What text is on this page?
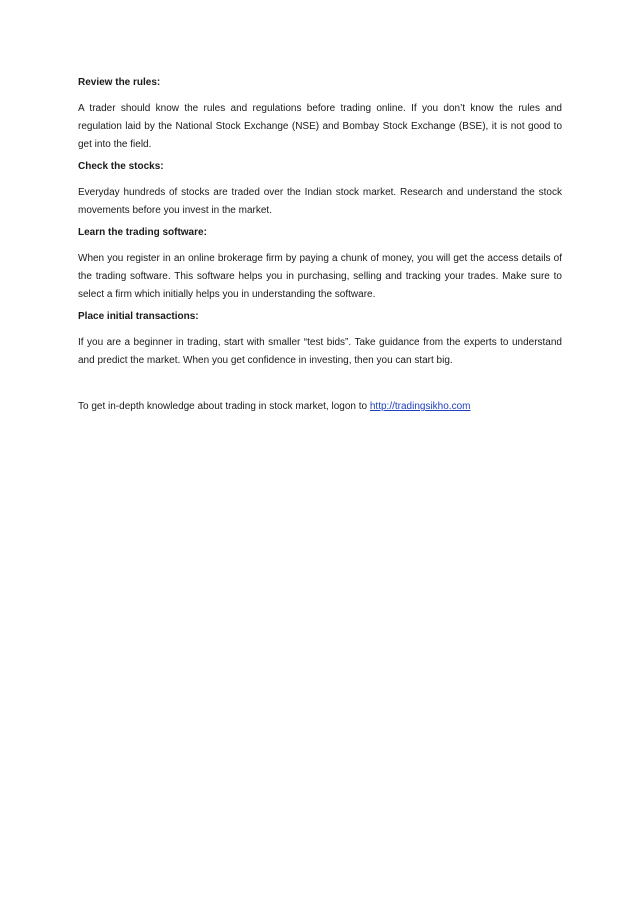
Review the rules:

A trader should know the rules and regulations before trading online. If you don’t know the rules and regulation laid by the National Stock Exchange (NSE) and Bombay Stock Exchange (BSE), it is not good to get into the field.

Check the stocks:

Everyday hundreds of stocks are traded over the Indian stock market. Research and understand the stock movements before you invest in the market.

Learn the trading software:

When you register in an online brokerage firm by paying a chunk of money, you will get the access details of the trading software. This software helps you in purchasing, selling and tracking your trades. Make sure to select a firm which initially helps you in understanding the software.

Place initial transactions:

If you are a beginner in trading, start with smaller “test bids”. Take guidance from the experts to understand and predict the market. When you get confidence in investing, then you can start big.

To get in-depth knowledge about trading in stock market, logon to http://tradingsikho.com
